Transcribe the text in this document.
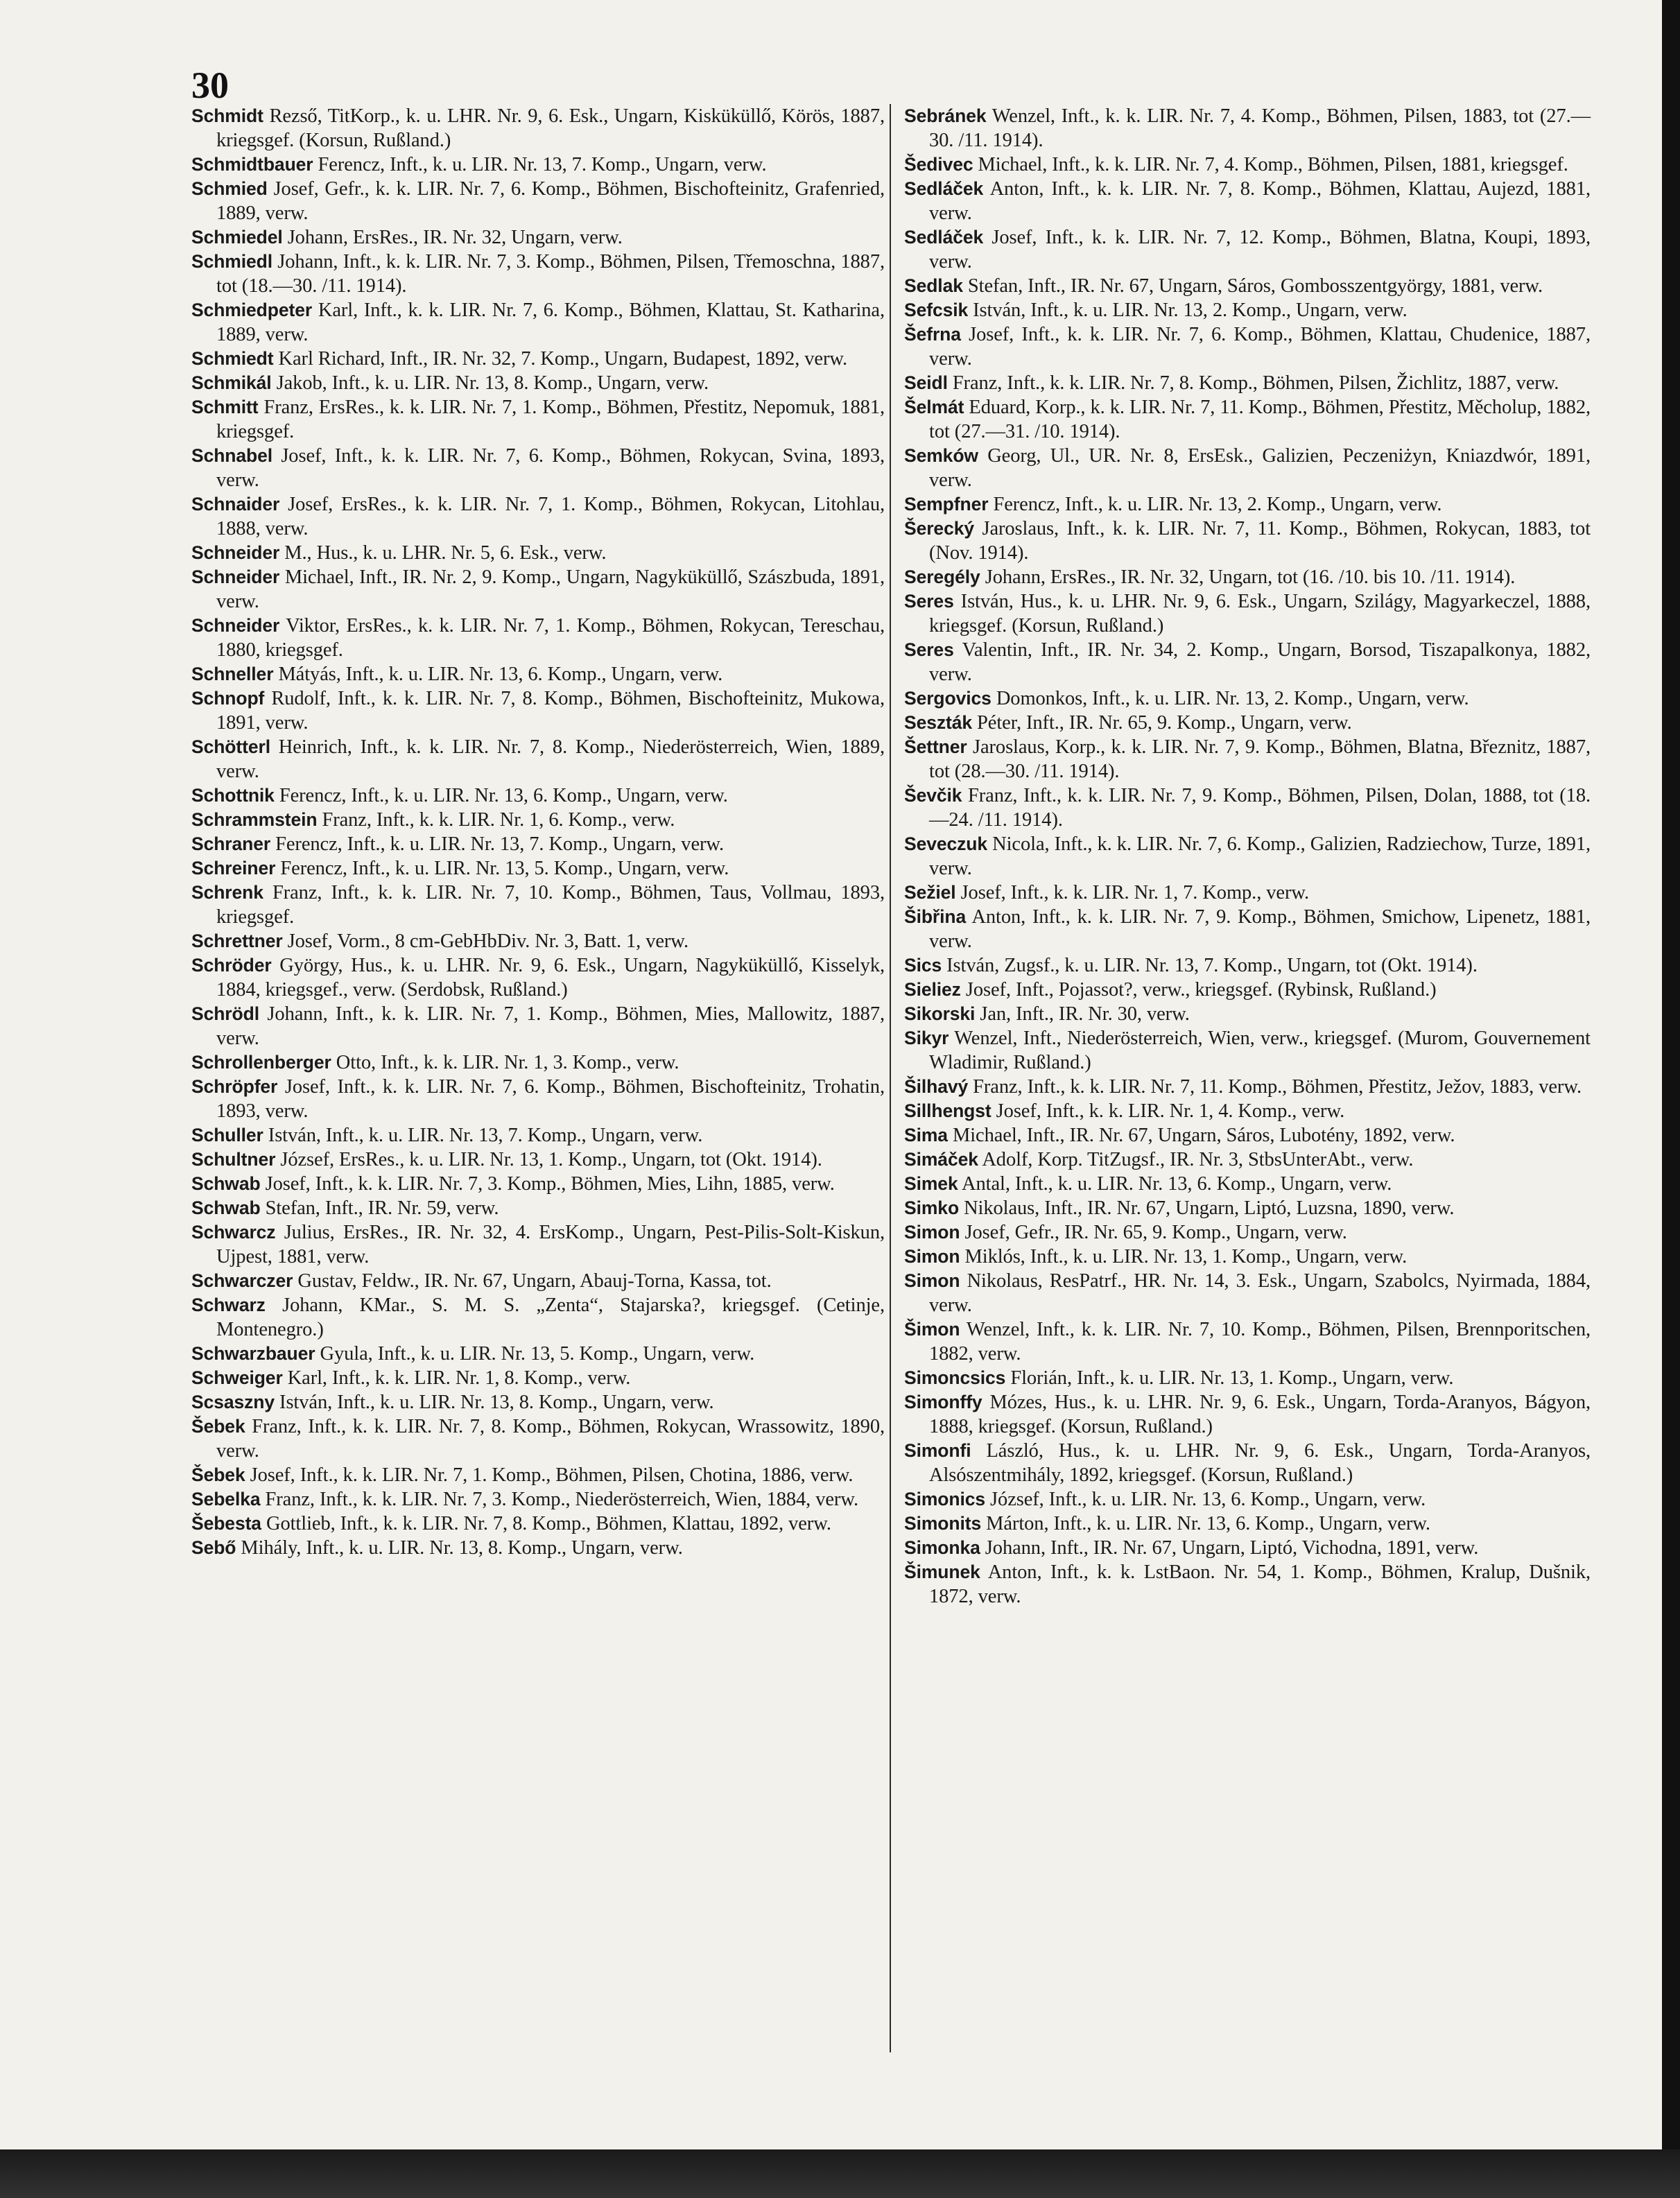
30

Schmidt Rezső, TitKorp., k. u. LHR. Nr. 9, 6. Esk., Ungarn, Kisküküllő, Körös, 1887, kriegsgef. (Korsun, Rußland.)

Schmidtbauer Ferencz, Inft., k. u. LIR. Nr. 13, 7. Komp., Ungarn, verw.

Schmied Josef, Gefr., k. k. LIR. Nr. 7, 6. Komp., Böhmen, Bischofteinitz, Grafenried, 1889, verw.

Schmiedel Johann, ErsRes., IR. Nr. 32, Ungarn, verw.

Schmiedl Johann, Inft., k. k. LIR. Nr. 7, 3. Komp., Böhmen, Pilsen, Třemoschna, 1887, tot (18.—30. /11. 1914).

Schmiedpeter Karl, Inft., k. k. LIR. Nr. 7, 6. Komp., Böhmen, Klattau, St. Katharina, 1889, verw.

Schmiedt Karl Richard, Inft., IR. Nr. 32, 7. Komp., Ungarn, Budapest, 1892, verw.

Schmikál Jakob, Inft., k. u. LIR. Nr. 13, 8. Komp., Ungarn, verw.

Schmitt Franz, ErsRes., k. k. LIR. Nr. 7, 1. Komp., Böhmen, Přestitz, Nepomuk, 1881, kriegsgef.

Schnabel Josef, Inft., k. k. LIR. Nr. 7, 6. Komp., Böhmen, Rokycan, Svina, 1893, verw.

Schnaider Josef, ErsRes., k. k. LIR. Nr. 7, 1. Komp., Böhmen, Rokycan, Litohlau, 1888, verw.

Schneider M., Hus., k. u. LHR. Nr. 5, 6. Esk., verw.

Schneider Michael, Inft., IR. Nr. 2, 9. Komp., Ungarn, Nagyküküllő, Szászbuda, 1891, verw.

Schneider Viktor, ErsRes., k. k. LIR. Nr. 7, 1. Komp., Böhmen, Rokycan, Tereschau, 1880, kriegsgef.

Schneller Mátyás, Inft., k. u. LIR. Nr. 13, 6. Komp., Ungarn, verw.

Schnopf Rudolf, Inft., k. k. LIR. Nr. 7, 8. Komp., Böhmen, Bischofteinitz, Mukowa, 1891, verw.

Schötterl Heinrich, Inft., k. k. LIR. Nr. 7, 8. Komp., Niederösterreich, Wien, 1889, verw.

Schottnik Ferencz, Inft., k. u. LIR. Nr. 13, 6. Komp., Ungarn, verw.

Schrammstein Franz, Inft., k. k. LIR. Nr. 1, 6. Komp., verw.

Schraner Ferencz, Inft., k. u. LIR. Nr. 13, 7. Komp., Ungarn, verw.

Schreiner Ferencz, Inft., k. u. LIR. Nr. 13, 5. Komp., Ungarn, verw.

Schrenk Franz, Inft., k. k. LIR. Nr. 7, 10. Komp., Böhmen, Taus, Vollmau, 1893, kriegsgef.

Schrettner Josef, Vorm., 8 cm-GebHbDiv. Nr. 3, Batt. 1, verw.

Schröder György, Hus., k. u. LHR. Nr. 9, 6. Esk., Ungarn, Nagyküküllő, Kisselyk, 1884, kriegsgef., verw. (Serdobsk, Rußland.)

Schrödl Johann, Inft., k. k. LIR. Nr. 7, 1. Komp., Böhmen, Mies, Mallowitz, 1887, verw.

Schrollenberger Otto, Inft., k. k. LIR. Nr. 1, 3. Komp., verw.

Schröpfer Josef, Inft., k. k. LIR. Nr. 7, 6. Komp., Böhmen, Bischofteinitz, Trohatin, 1893, verw.

Schuller István, Inft., k. u. LIR. Nr. 13, 7. Komp., Ungarn, verw.

Schultner József, ErsRes., k. u. LIR. Nr. 13, 1. Komp., Ungarn, tot (Okt. 1914).

Schwab Josef, Inft., k. k. LIR. Nr. 7, 3. Komp., Böhmen, Mies, Lihn, 1885, verw.

Schwab Stefan, Inft., IR. Nr. 59, verw.

Schwarcz Julius, ErsRes., IR. Nr. 32, 4. ErsKomp., Ungarn, Pest-Pilis-Solt-Kiskun, Ujpest, 1881, verw.

Schwarczer Gustav, Feldw., IR. Nr. 67, Ungarn, Abauj-Torna, Kassa, tot.

Schwarz Johann, KMar., S. M. S. „Zenta“, Stajarska?, kriegsgef. (Cetinje, Montenegro.)

Schwarzbauer Gyula, Inft., k. u. LIR. Nr. 13, 5. Komp., Ungarn, verw.

Schweiger Karl, Inft., k. k. LIR. Nr. 1, 8. Komp., verw.

Scsaszny István, Inft., k. u. LIR. Nr. 13, 8. Komp., Ungarn, verw.

Šebek Franz, Inft., k. k. LIR. Nr. 7, 8. Komp., Böhmen, Rokycan, Wrassowitz, 1890, verw.

Šebek Josef, Inft., k. k. LIR. Nr. 7, 1. Komp., Böhmen, Pilsen, Chotina, 1886, verw.

Sebelka Franz, Inft., k. k. LIR. Nr. 7, 3. Komp., Niederösterreich, Wien, 1884, verw.

Šebesta Gottlieb, Inft., k. k. LIR. Nr. 7, 8. Komp., Böhmen, Klattau, 1892, verw.

Sebő Mihály, Inft., k. u. LIR. Nr. 13, 8. Komp., Ungarn, verw.

Sebránek Wenzel, Inft., k. k. LIR. Nr. 7, 4. Komp., Böhmen, Pilsen, 1883, tot (27.—30. /11. 1914).

Šedivec Michael, Inft., k. k. LIR. Nr. 7, 4. Komp., Böhmen, Pilsen, 1881, kriegsgef.

Sedláček Anton, Inft., k. k. LIR. Nr. 7, 8. Komp., Böhmen, Klattau, Aujezd, 1881, verw.

Sedláček Josef, Inft., k. k. LIR. Nr. 7, 12. Komp., Böhmen, Blatna, Koupi, 1893, verw.

Sedlak Stefan, Inft., IR. Nr. 67, Ungarn, Sáros, Gombosszentgyörgy, 1881, verw.

Sefcsik István, Inft., k. u. LIR. Nr. 13, 2. Komp., Ungarn, verw.

Šefrna Josef, Inft., k. k. LIR. Nr. 7, 6. Komp., Böhmen, Klattau, Chudenice, 1887, verw.

Seidl Franz, Inft., k. k. LIR. Nr. 7, 8. Komp., Böhmen, Pilsen, Žichlitz, 1887, verw.

Šelmát Eduard, Korp., k. k. LIR. Nr. 7, 11. Komp., Böhmen, Přestitz, Měcholup, 1882, tot (27.—31. /10. 1914).

Semków Georg, Ul., UR. Nr. 8, ErsEsk., Galizien, Peczeniżyn, Kniazdwór, 1891, verw.

Sempfner Ferencz, Inft., k. u. LIR. Nr. 13, 2. Komp., Ungarn, verw.

Šerecký Jaroslaus, Inft., k. k. LIR. Nr. 7, 11. Komp., Böhmen, Rokycan, 1883, tot (Nov. 1914).

Seregély Johann, ErsRes., IR. Nr. 32, Ungarn, tot (16. /10. bis 10. /11. 1914).

Seres István, Hus., k. u. LHR. Nr. 9, 6. Esk., Ungarn, Szilágy, Magyarkeczel, 1888, kriegsgef. (Korsun, Rußland.)

Seres Valentin, Inft., IR. Nr. 34, 2. Komp., Ungarn, Borsod, Tiszapalkonya, 1882, verw.

Sergovics Domonkos, Inft., k. u. LIR. Nr. 13, 2. Komp., Ungarn, verw.

Seszták Péter, Inft., IR. Nr. 65, 9. Komp., Ungarn, verw.

Šettner Jaroslaus, Korp., k. k. LIR. Nr. 7, 9. Komp., Böhmen, Blatna, Březnitz, 1887, tot (28.—30. /11. 1914).

Ševčik Franz, Inft., k. k. LIR. Nr. 7, 9. Komp., Böhmen, Pilsen, Dolan, 1888, tot (18.—24. /11. 1914).

Seveczuk Nicola, Inft., k. k. LIR. Nr. 7, 6. Komp., Galizien, Radziechow, Turze, 1891, verw.

Sežiel Josef, Inft., k. k. LIR. Nr. 1, 7. Komp., verw.

Šibřina Anton, Inft., k. k. LIR. Nr. 7, 9. Komp., Böhmen, Smichow, Lipenetz, 1881, verw.

Sics István, Zugsf., k. u. LIR. Nr. 13, 7. Komp., Ungarn, tot (Okt. 1914).

Sieliez Josef, Inft., Pojassot?, verw., kriegsgef. (Rybinsk, Rußland.)

Sikorski Jan, Inft., IR. Nr. 30, verw.

Sikyr Wenzel, Inft., Niederösterreich, Wien, verw., kriegsgef. (Murom, Gouvernement Wladimir, Rußland.)

Šilhavý Franz, Inft., k. k. LIR. Nr. 7, 11. Komp., Böhmen, Přestitz, Ježov, 1883, verw.

Sillhengst Josef, Inft., k. k. LIR. Nr. 1, 4. Komp., verw.

Sima Michael, Inft., IR. Nr. 67, Ungarn, Sáros, Lubotény, 1892, verw.

Simáček Adolf, Korp. TitZugsf., IR. Nr. 3, StbsUnterAbt., verw.

Simek Antal, Inft., k. u. LIR. Nr. 13, 6. Komp., Ungarn, verw.

Simko Nikolaus, Inft., IR. Nr. 67, Ungarn, Liptó, Luzsna, 1890, verw.

Simon Josef, Gefr., IR. Nr. 65, 9. Komp., Ungarn, verw.

Simon Miklós, Inft., k. u. LIR. Nr. 13, 1. Komp., Ungarn, verw.

Simon Nikolaus, ResPatrf., HR. Nr. 14, 3. Esk., Ungarn, Szabolcs, Nyirmada, 1884, verw.

Šimon Wenzel, Inft., k. k. LIR. Nr. 7, 10. Komp., Böhmen, Pilsen, Brennporitschen, 1882, verw.

Simoncsics Florián, Inft., k. u. LIR. Nr. 13, 1. Komp., Ungarn, verw.

Simonffy Mózes, Hus., k. u. LHR. Nr. 9, 6. Esk., Ungarn, Torda-Aranyos, Bágyon, 1888, kriegsgef. (Korsun, Rußland.)

Simonfi László, Hus., k. u. LHR. Nr. 9, 6. Esk., Ungarn, Torda-Aranyos, Alsószentmihály, 1892, kriegsgef. (Korsun, Rußland.)

Simonics József, Inft., k. u. LIR. Nr. 13, 6. Komp., Ungarn, verw.

Simonits Márton, Inft., k. u. LIR. Nr. 13, 6. Komp., Ungarn, verw.

Simonka Johann, Inft., IR. Nr. 67, Ungarn, Liptó, Vichodna, 1891, verw.

Šimunek Anton, Inft., k. k. LstBaon. Nr. 54, 1. Komp., Böhmen, Kralup, Dušnik, 1872, verw.
